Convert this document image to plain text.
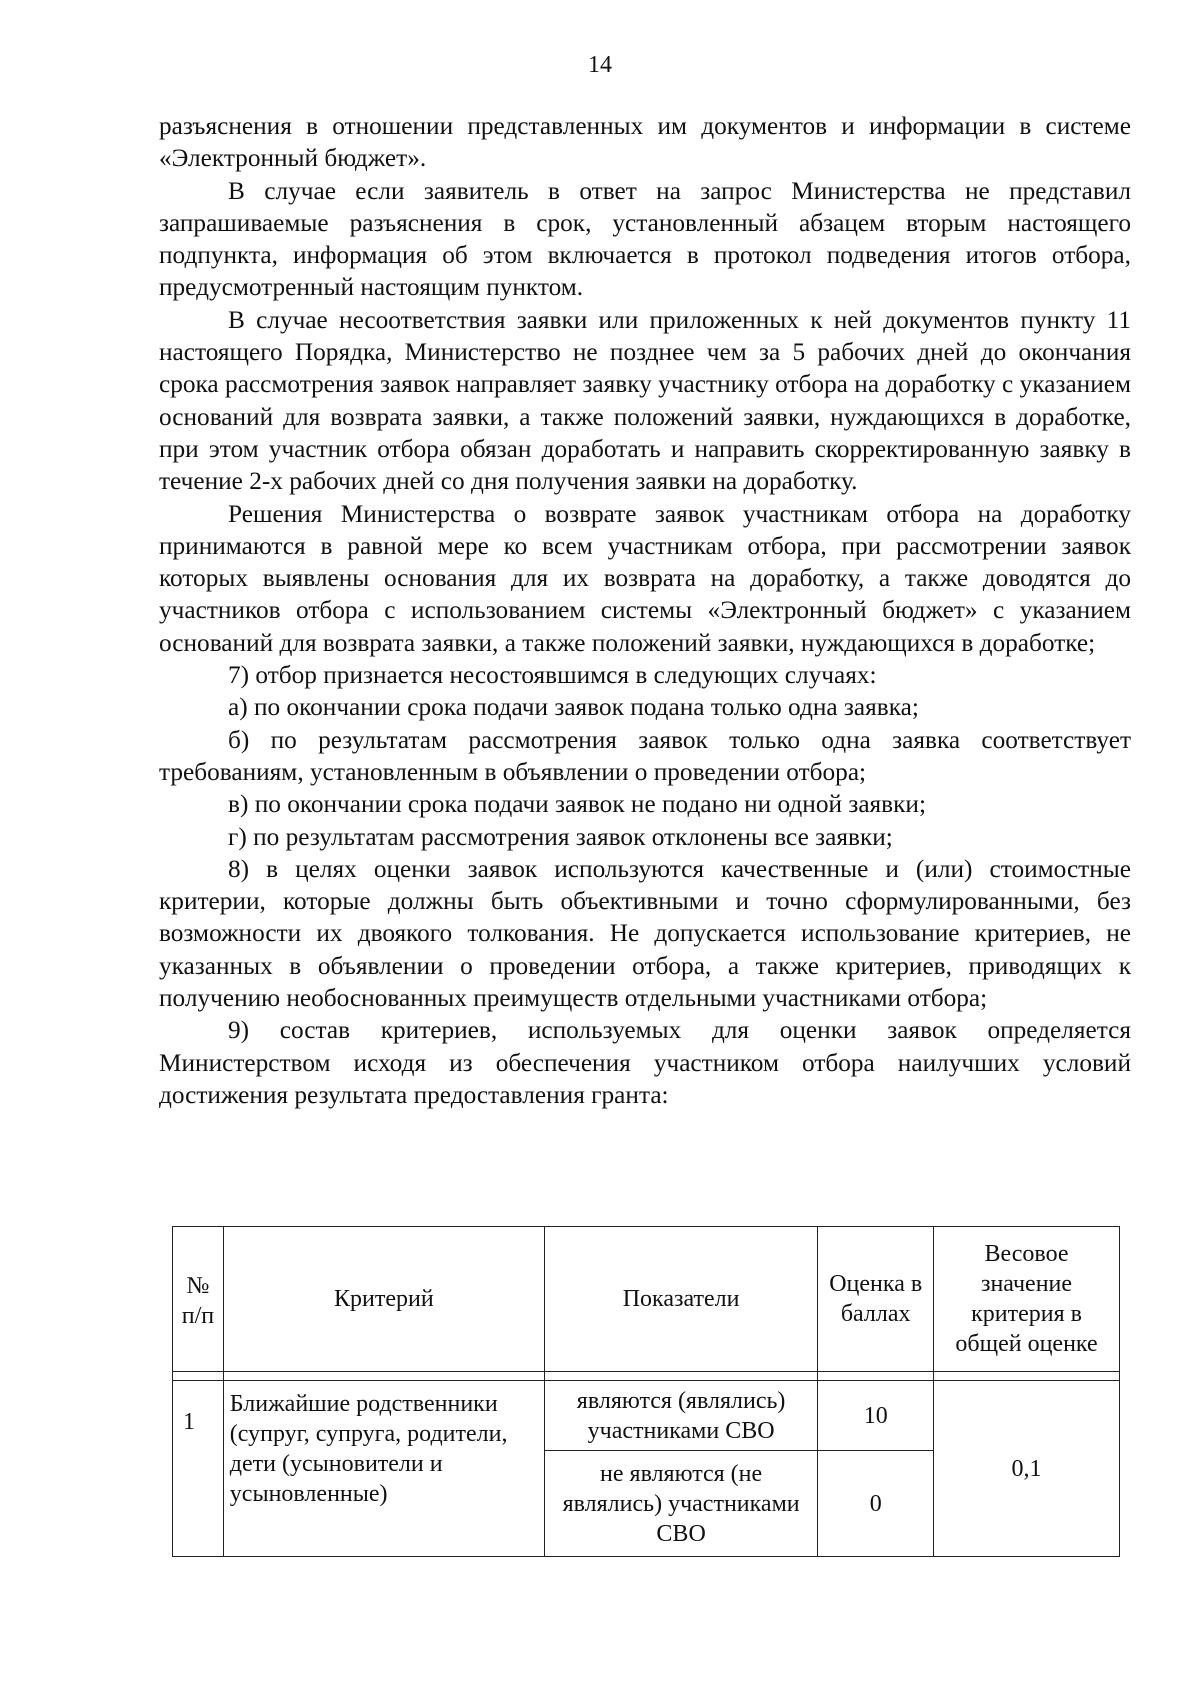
14

разъяснения в отношении представленных им документов и информации в системе «Электронный бюджет».

В случае если заявитель в ответ на запрос Министерства не представил запрашиваемые разъяснения в срок, установленный абзацем вторым настоящего подпункта, информация об этом включается в протокол подведения итогов отбора, предусмотренный настоящим пунктом.

В случае несоответствия заявки или приложенных к ней документов пункту 11 настоящего Порядка, Министерство не позднее чем за 5 рабочих дней до окончания срока рассмотрения заявок направляет заявку участнику отбора на доработку с указанием оснований для возврата заявки, а также положений заявки, нуждающихся в доработке, при этом участник отбора обязан доработать и направить скорректированную заявку в течение 2-х рабочих дней со дня получения заявки на доработку.

Решения Министерства о возврате заявок участникам отбора на доработку принимаются в равной мере ко всем участникам отбора, при рассмотрении заявок которых выявлены основания для их возврата на доработку, а также доводятся до участников отбора с использованием системы «Электронный бюджет» с указанием оснований для возврата заявки, а также положений заявки, нуждающихся в доработке;

7) отбор признается несостоявшимся в следующих случаях:

а) по окончании срока подачи заявок подана только одна заявка;

б) по результатам рассмотрения заявок только одна заявка соответствует требованиям, установленным в объявлении о проведении отбора;

в) по окончании срока подачи заявок не подано ни одной заявки;

г) по результатам рассмотрения заявок отклонены все заявки;

8) в целях оценки заявок используются качественные и (или) стоимостные критерии, которые должны быть объективными и точно сформулированными, без возможности их двоякого толкования. Не допускается использование критериев, не указанных в объявлении о проведении отбора, а также критериев, приводящих к получению необоснованных преимуществ отдельными участниками отбора;

9) состав критериев, используемых для оценки заявок определяется Министерством исходя из обеспечения участником отбора наилучших условий достижения результата предоставления гранта:

№ п/п	Критерий	Показатели	Оценка в баллах	Весовое значение критерия в общей оценке

1	Ближайшие родственники (супруг, супруга, родители, дети (усыновители и усыновленные)	являются (являлись) участниками СВО	10	0,1
		не являются (не являлись) участниками СВО	0	
